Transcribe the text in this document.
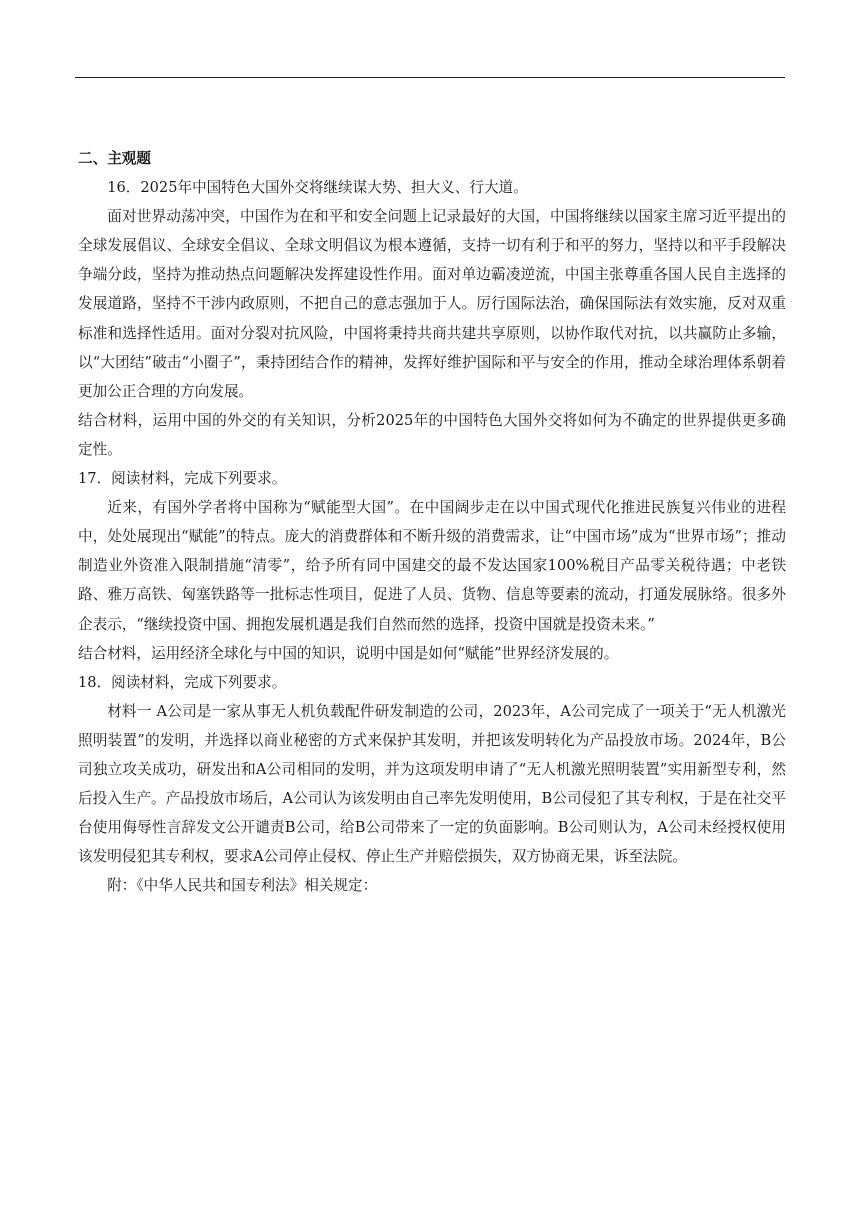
二、主观题

16．2025年中国特色大国外交将继续谋大势、担大义、行大道。

面对世界动荡冲突，中国作为在和平和安全问题上记录最好的大国，中国将继续以国家主席习近平提出的全球发展倡议、全球安全倡议、全球文明倡议为根本遵循，支持一切有利于和平的努力，坚持以和平手段解决争端分歧，坚持为推动热点问题解决发挥建设性作用。面对单边霸凌逆流，中国主张尊重各国人民自主选择的发展道路，坚持不干涉内政原则，不把自己的意志强加于人。厉行国际法治，确保国际法有效实施，反对双重标准和选择性适用。面对分裂对抗风险，中国将秉持共商共建共享原则，以协作取代对抗，以共赢防止多输，以“大团结”破击“小圈子”，秉持团结合作的精神，发挥好维护国际和平与安全的作用，推动全球治理体系朝着更加公正合理的方向发展。

结合材料，运用中国的外交的有关知识，分析2025年的中国特色大国外交将如何为不确定的世界提供更多确定性。

17．阅读材料，完成下列要求。

近来，有国外学者将中国称为“赋能型大国”。在中国阔步走在以中国式现代化推进民族复兴伟业的进程中，处处展现出“赋能”的特点。庞大的消费群体和不断升级的消费需求，让“中国市场”成为“世界市场”；推动制造业外资准入限制措施“清零”，给予所有同中国建交的最不发达国家100%税目产品零关税待遇；中老铁路、雅万高铁、匈塞铁路等一批标志性项目，促进了人员、货物、信息等要素的流动，打通发展脉络。很多外企表示，“继续投资中国、拥抱发展机遇是我们自然而然的选择，投资中国就是投资未来。”

结合材料，运用经济全球化与中国的知识，说明中国是如何“赋能”世界经济发展的。

18．阅读材料，完成下列要求。

材料一 A公司是一家从事无人机负载配件研发制造的公司，2023年，A公司完成了一项关于“无人机激光照明装置”的发明，并选择以商业秘密的方式来保护其发明，并把该发明转化为产品投放市场。2024年，B公司独立攻关成功，研发出和A公司相同的发明，并为这项发明申请了“无人机激光照明装置”实用新型专利，然后投入生产。产品投放市场后，A公司认为该发明由自己率先发明使用，B公司侵犯了其专利权，于是在社交平台使用侮辱性言辞发文公开谴责B公司，给B公司带来了一定的负面影响。B公司则认为，A公司未经授权使用该发明侵犯其专利权，要求A公司停止侵权、停止生产并赔偿损失，双方协商无果，诉至法院。

附：《中华人民共和国专利法》相关规定：
